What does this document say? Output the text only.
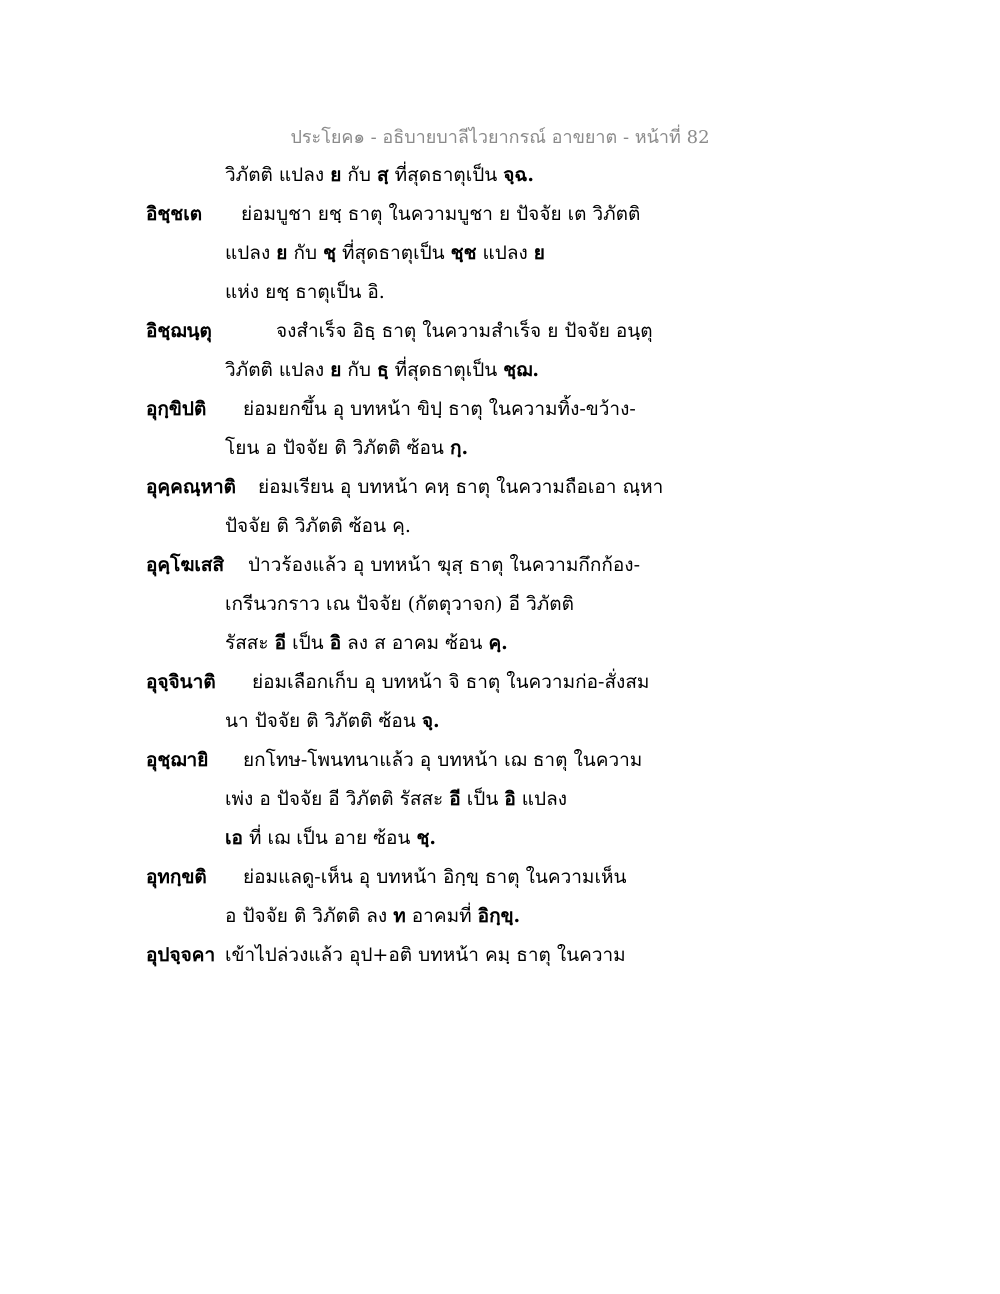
ประโยค๑ - อธิบายบาลีไวยากรณ์ อาขยาต - หน้าที่ 82
วิภัตติ แปลง ย กับ สฺ ที่สุดธาตุเป็น จฺฉ.
อิชฺชเต	ย่อมบูชา ยชฺ ธาตุ ในความบูชา ย ปัจจัย เต วิภัตติ
แปลง ย กับ ชฺ ที่สุดธาตุเป็น ชฺช แปลง ย
แห่ง ยชฺ ธาตุเป็น อิ.
อิชฺฌนฺตุ	จงสำเร็จ อิธฺ ธาตุ ในความสำเร็จ ย ปัจจัย อนฺตุ
วิภัตติ แปลง ย กับ ธฺ ที่สุดธาตุเป็น ชฺฌ.
อุกฺขิปติ	ย่อมยกขึ้น อุ บทหน้า ขิปฺ ธาตุ ในความทิ้ง-ขว้าง-
โยน อ ปัจจัย ติ วิภัตติ ซ้อน กฺ.
อุคฺคณฺหาติ	ย่อมเรียน อุ บทหน้า คหฺ ธาตุ ในความถือเอา ณฺหา
ปัจจัย ติ วิภัตติ ซ้อน คฺ.
อุคฺโฆเสสิ	ป่าวร้องแล้ว อุ บทหน้า ฆุสฺ ธาตุ ในความกึกก้อง-
เกรีนวกราว เณ ปัจจัย (กัตตุวาจก) อี วิภัตติ
รัสสะ อี เป็น อิ ลง ส อาคม ซ้อน คฺ.
อุจฺจินาติ	ย่อมเลือกเก็บ อุ บทหน้า จิ ธาตุ ในความก่อ-สั่งสม
นา ปัจจัย ติ วิภัตติ ซ้อน จฺ.
อุชฺฌายิ	ยกโทษ-โพนทนาแล้ว อุ บทหน้า เฌ ธาตุ ในความ
เพ่ง อ ปัจจัย อี วิภัตติ รัสสะ อี เป็น อิ แปลง
เอ ที่ เฌ เป็น อาย ซ้อน ชฺ.
อุทกฺขติ	ย่อมแลดู-เห็น อุ บทหน้า อิกฺขฺ ธาตุ ในความเห็น
อ ปัจจัย ติ วิภัตติ ลง ท อาคมที่ อิกฺขฺ.
อุปจฺจคา เข้าไปล่วงแล้ว อุป+อติ บทหน้า คมฺ ธาตุ ในความ
